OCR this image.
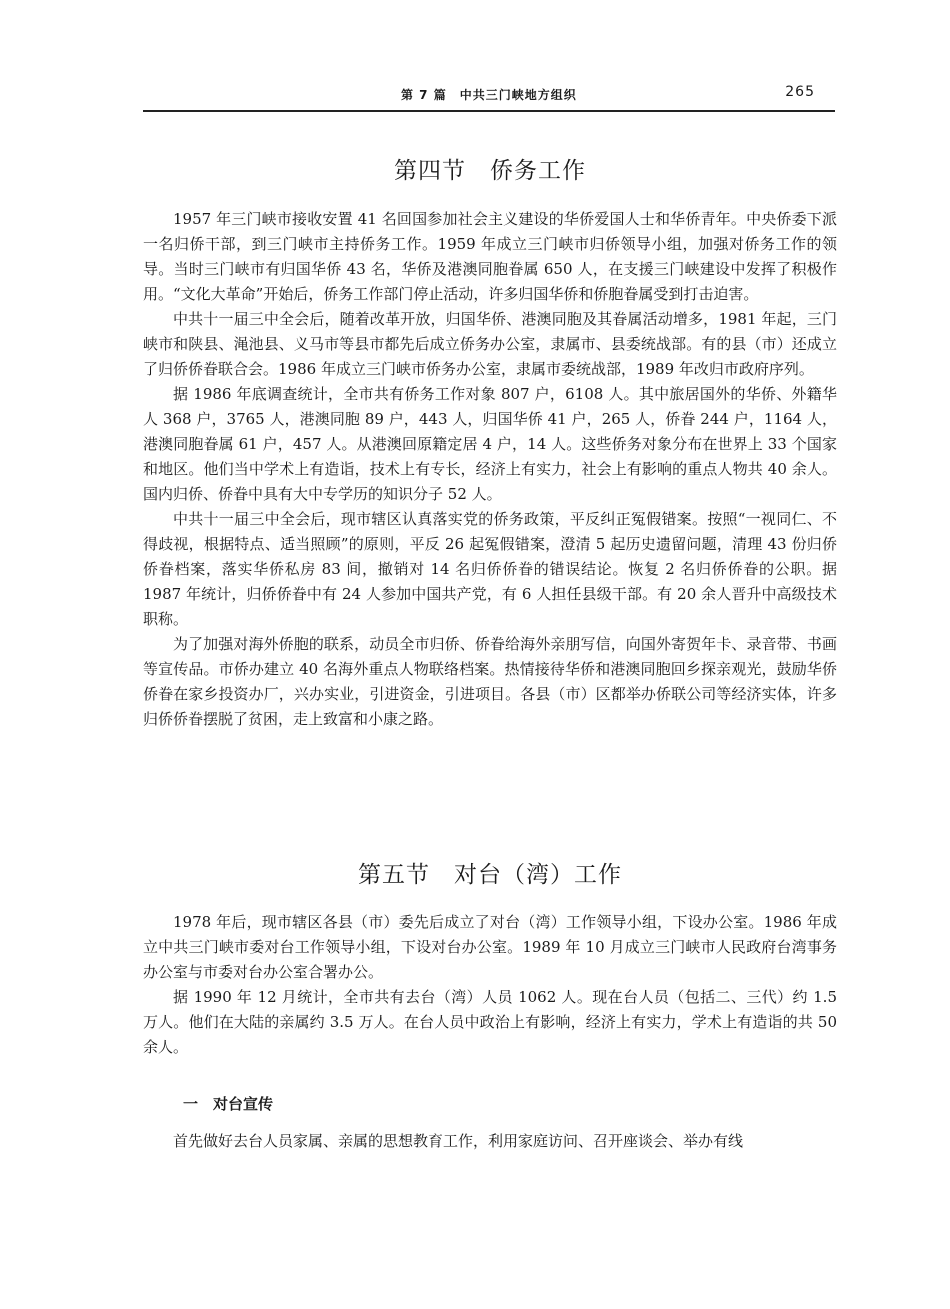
第 7 篇　中共三门峡地方组织	265
第四节　侨务工作

1957 年三门峡市接收安置 41 名回国参加社会主义建设的华侨爱国人士和华侨青年。中央侨委下派一名归侨干部，到三门峡市主持侨务工作。1959 年成立三门峡市归侨领导小组，加强对侨务工作的领导。当时三门峡市有归国华侨 43 名，华侨及港澳同胞眷属 650 人，在支援三门峡建设中发挥了积极作用。“文化大革命”开始后，侨务工作部门停止活动，许多归国华侨和侨胞眷属受到打击迫害。

中共十一届三中全会后，随着改革开放，归国华侨、港澳同胞及其眷属活动增多，1981 年起，三门峡市和陕县、渑池县、义马市等县市都先后成立侨务办公室，隶属市、县委统战部。有的县（市）还成立了归侨侨眷联合会。1986 年成立三门峡市侨务办公室，隶属市委统战部，1989 年改归市政府序列。

据 1986 年底调查统计，全市共有侨务工作对象 807 户，6108 人。其中旅居国外的华侨、外籍华人 368 户，3765 人，港澳同胞 89 户，443 人，归国华侨 41 户，265 人，侨眷 244 户，1164 人，港澳同胞眷属 61 户，457 人。从港澳回原籍定居 4 户，14 人。这些侨务对象分布在世界上 33 个国家和地区。他们当中学术上有造诣，技术上有专长，经济上有实力，社会上有影响的重点人物共 40 余人。国内归侨、侨眷中具有大中专学历的知识分子 52 人。

中共十一届三中全会后，现市辖区认真落实党的侨务政策，平反纠正冤假错案。按照“一视同仁、不得歧视，根据特点、适当照顾”的原则，平反 26 起冤假错案，澄清 5 起历史遗留问题，清理 43 份归侨侨眷档案，落实华侨私房 83 间，撤销对 14 名归侨侨眷的错误结论。恢复 2 名归侨侨眷的公职。据 1987 年统计，归侨侨眷中有 24 人参加中国共产党，有 6 人担任县级干部。有 20 余人晋升中高级技术职称。

为了加强对海外侨胞的联系，动员全市归侨、侨眷给海外亲朋写信，向国外寄贺年卡、录音带、书画等宣传品。市侨办建立 40 名海外重点人物联络档案。热情接待华侨和港澳同胞回乡探亲观光，鼓励华侨侨眷在家乡投资办厂，兴办实业，引进资金，引进项目。各县（市）区都举办侨联公司等经济实体，许多归侨侨眷摆脱了贫困，走上致富和小康之路。

第五节　对台（湾）工作

1978 年后，现市辖区各县（市）委先后成立了对台（湾）工作领导小组，下设办公室。1986 年成立中共三门峡市委对台工作领导小组，下设对台办公室。1989 年 10 月成立三门峡市人民政府台湾事务办公室与市委对台办公室合署办公。

据 1990 年 12 月统计，全市共有去台（湾）人员 1062 人。现在台人员（包括二、三代）约 1.5 万人。他们在大陆的亲属约 3.5 万人。在台人员中政治上有影响，经济上有实力，学术上有造诣的共 50 余人。

一　对台宣传

首先做好去台人员家属、亲属的思想教育工作，利用家庭访问、召开座谈会、举办有线
